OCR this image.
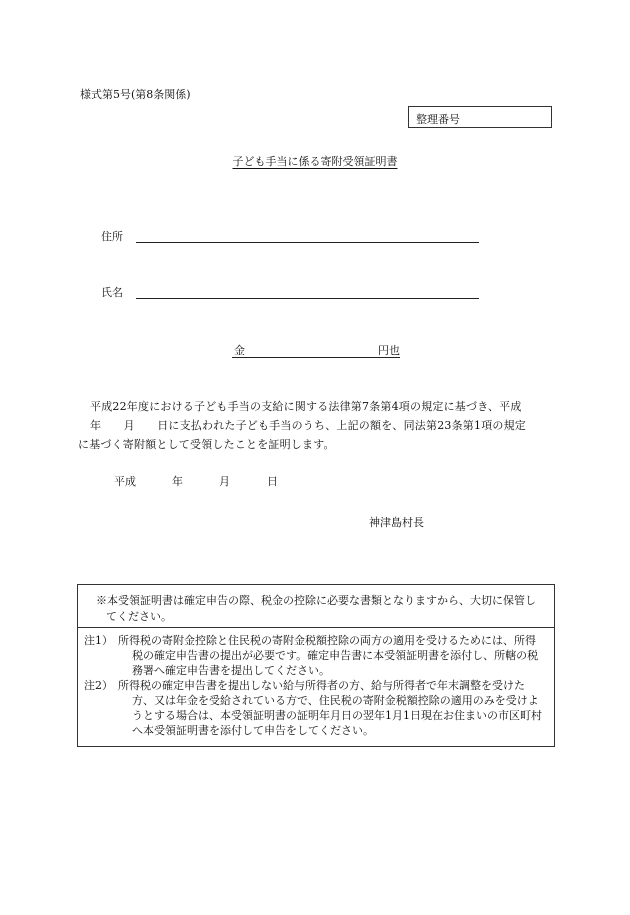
様式第5号(第8条関係)
整理番号
子ども手当に係る寄附受領証明書
住所
氏名
金	円也

平成22年度における子ども手当の支給に関する法律第7条第4項の規定に基づき、平成

年　　月　　日に支払われた子ども手当のうち、上記の額を、同法第23条第1項の規定

に基づく寄附額として受領したことを証明します。

平成	年	月	日
神津島村長
※本受領証明書は確定申告の際、税金の控除に必要な書類となりますから、大切に保管してください。
注1） 所得税の寄附金控除と住民税の寄附金税額控除の両方の適用を受けるためには、所得税の確定申告書の提出が必要です。確定申告書に本受領証明書を添付し、所轄の税務署へ確定申告書を提出してください。
注2） 所得税の確定申告書を提出しない給与所得者の方、給与所得者で年末調整を受けた方、又は年金を受給されている方で、住民税の寄附金税額控除の適用のみを受けようとする場合は、本受領証明書の証明年月日の翌年1月1日現在お住まいの市区町村へ本受領証明書を添付して申告をしてください。
